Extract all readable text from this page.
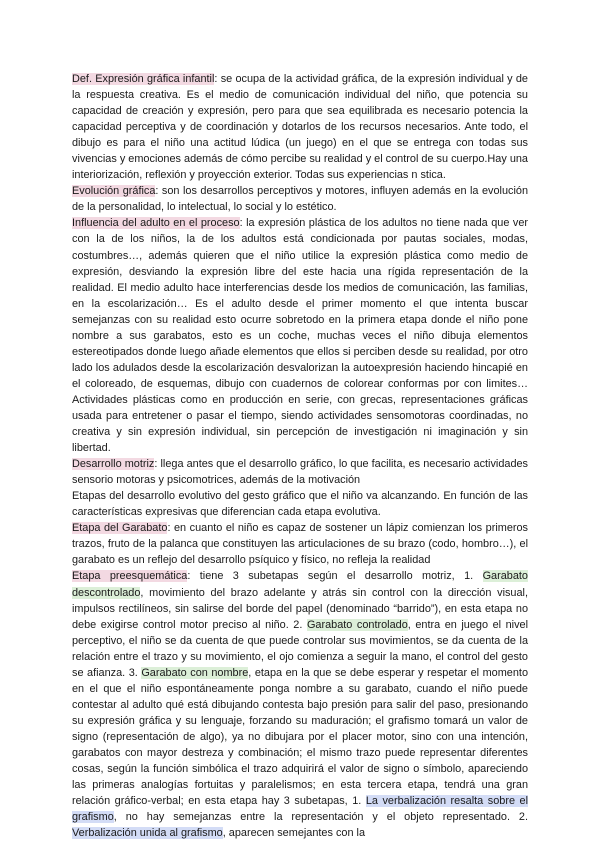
Def. Expresión gráfica infantil: se ocupa de la actividad gráfica, de la expresión individual y de la respuesta creativa. Es el medio de comunicación individual del niño, que potencia su capacidad de creación y expresión, pero para que sea equilibrada es necesario potencia la capacidad perceptiva y de coordinación y dotarlos de los recursos necesarios. Ante todo, el dibujo es para el niño una actitud lúdica (un juego) en el que se entrega con todas sus vivencias y emociones además de cómo percibe su realidad y el control de su cuerpo.Hay una interiorización, reflexión y proyección exterior. Todas sus experiencias n stica.

Evolución gráfica: son los desarrollos perceptivos y motores, influyen además en la evolución de la personalidad, lo intelectual, lo social y lo estético.

Influencia del adulto en el proceso: la expresión plástica de los adultos no tiene nada que ver con la de los niños, la de los adultos está condicionada por pautas sociales, modas, costumbres…, además quieren que el niño utilice la expresión plástica como medio de expresión, desviando la expresión libre del este hacia una rígida representación de la realidad. El medio adulto hace interferencias desde los medios de comunicación, las familias, en la escolarización… Es el adulto desde el primer momento el que intenta buscar semejanzas con su realidad esto ocurre sobretodo en la primera etapa donde el niño pone nombre a sus garabatos, esto es un coche, muchas veces el niño dibuja elementos estereotipados donde luego añade elementos que ellos si perciben desde su realidad, por otro lado los adulados desde la escolarización desvalorizan la autoexpresión haciendo hincapié en el coloreado, de esquemas, dibujo con cuadernos de colorear conformas por con limites… Actividades plásticas como en producción en serie, con grecas, representaciones gráficas usada para entretener o pasar el tiempo, siendo actividades sensomotoras coordinadas, no creativa y sin expresión individual, sin percepción de investigación ni imaginación y sin libertad.

Desarrollo motriz: llega antes que el desarrollo gráfico, lo que facilita, es necesario actividades sensorio motoras y psicomotrices, además de la motivación

Etapas del desarrollo evolutivo del gesto gráfico que el niño va alcanzando. En función de las características expresivas que diferencian cada etapa evolutiva.

Etapa del Garabato: en cuanto el niño es capaz de sostener un lápiz comienzan los primeros trazos, fruto de la palanca que constituyen las articulaciones de su brazo (codo, hombro…), el garabato es un reflejo del desarrollo psíquico y físico, no refleja la realidad

Etapa preesquemática: tiene 3 subetapas según el desarrollo motriz, 1. Garabato descontrolado, movimiento del brazo adelante y atrás sin control con la dirección visual, impulsos rectilíneos, sin salirse del borde del papel (denominado “barrido”), en esta etapa no debe exigirse control motor preciso al niño. 2. Garabato controlado, entra en juego el nivel perceptivo, el niño se da cuenta de que puede controlar sus movimientos, se da cuenta de la relación entre el trazo y su movimiento, el ojo comienza a seguir la mano, el control del gesto se afianza. 3. Garabato con nombre, etapa en la que se debe esperar y respetar el momento en el que el niño espontáneamente ponga nombre a su garabato, cuando el niño puede contestar al adulto qué está dibujando contesta bajo presión para salir del paso, presionando su expresión gráfica y su lenguaje, forzando su maduración; el grafismo tomará un valor de signo (representación de algo), ya no dibujara por el placer motor, sino con una intención, garabatos con mayor destreza y combinación; el mismo trazo puede representar diferentes cosas, según la función simbólica el trazo adquirirá el valor de signo o símbolo, apareciendo las primeras analogías fortuitas y paralelismos; en esta tercera etapa, tendrá una gran relación gráfico-verbal; en esta etapa hay 3 subetapas, 1. La verbalización resalta sobre el grafismo, no hay semejanzas entre la representación y el objeto representado. 2. Verbalización unida al grafismo, aparecen semejantes con la
